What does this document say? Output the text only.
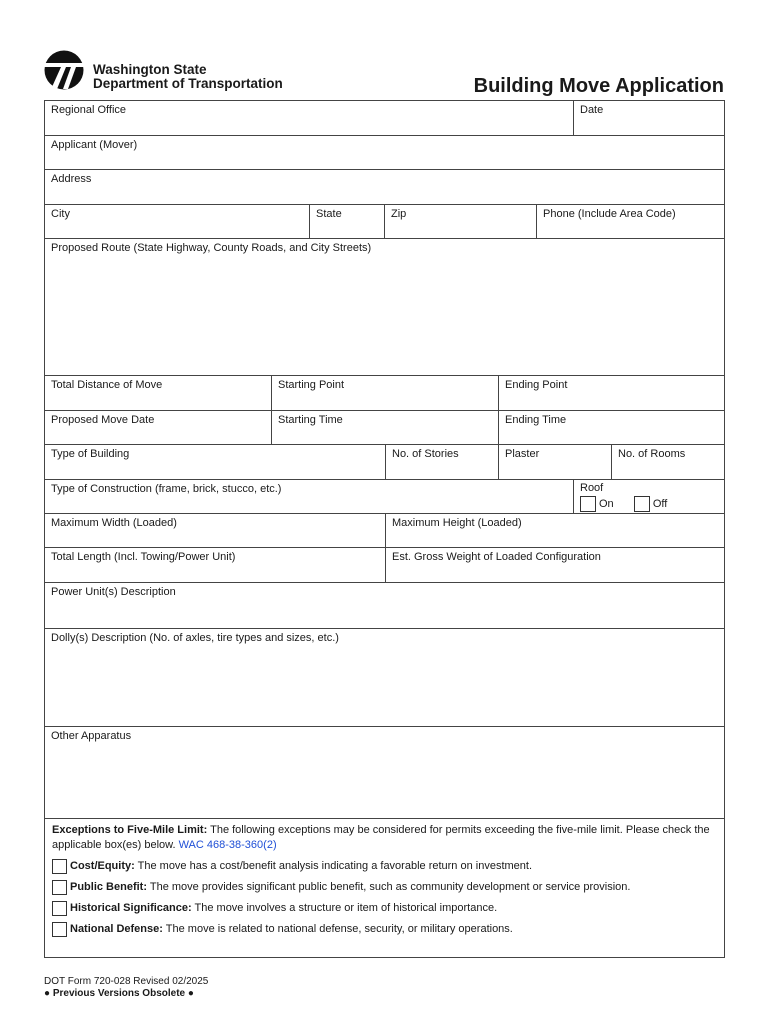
Washington State
Department of Transportation	Building Move Application
Regional Office	Date
Applicant (Mover)
Address
City	State	Zip	Phone (Include Area Code)
Proposed Route (State Highway, County Roads, and City Streets)
Total Distance of Move	Starting Point	Ending Point
Proposed Move Date	Starting Time	Ending Time
Type of Building	No. of Stories	Plaster	No. of Rooms
Type of Construction (frame, brick, stucco, etc.)	Roof
On	Off
Maximum Width (Loaded)	Maximum Height (Loaded)
Total Length (Incl. Towing/Power Unit)	Est. Gross Weight of Loaded Configuration
Power Unit(s) Description
Dolly(s) Description (No. of axles, tire types and sizes, etc.)
Other Apparatus
Exceptions to Five-Mile Limit: The following exceptions may be considered for permits exceeding the five-mile limit. Please check the applicable box(es) below. WAC 468-38-360(2)
Cost/Equity: The move has a cost/benefit analysis indicating a favorable return on investment.
Public Benefit: The move provides significant public benefit, such as community development or service provision.
Historical Significance: The move involves a structure or item of historical importance.
National Defense: The move is related to national defense, security, or military operations.
DOT Form 720-028 Revised 02/2025
● Previous Versions Obsolete ●
